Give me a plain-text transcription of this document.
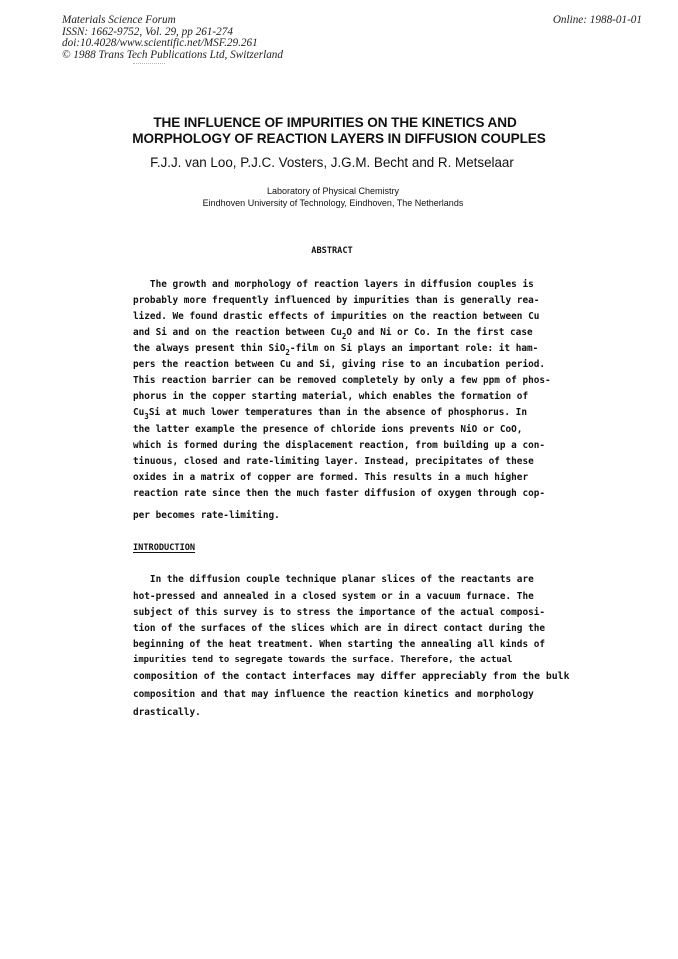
Materials Science Forum
ISSN: 1662-9752, Vol. 29, pp 261-274
doi:10.4028/www.scientific.net/MSF.29.261
© 1988 Trans Tech Publications Ltd, Switzerland
Online: 1988-01-01
THE INFLUENCE OF IMPURITIES ON THE KINETICS AND
MORPHOLOGY OF REACTION LAYERS IN DIFFUSION COUPLES
F.J.J. van Loo, P.J.C. Vosters, J.G.M. Becht and R. Metselaar
Laboratory of Physical Chemistry
Eindhoven University of Technology, Eindhoven, The Netherlands
ABSTRACT
The growth and morphology of reaction layers in diffusion couples is
probably more frequently influenced by impurities than is generally rea-
lized. We found drastic effects of impurities on the reaction between Cu
and Si and on the reaction between $Cu_2O$ and Ni or Co. In the first case
the always present thin SiO$_2$-film on Si plays an important role: it ham-
pers the reaction between Cu and Si, giving rise to an incubation period.
This reaction barrier can be removed completely by only a few ppm of phos-
phorus in the copper starting material, which enables the formation of
$Cu_3Si$ at much lower temperatures than in the absence of phosphorus. In
the latter example the presence of chloride ions prevents NiO or CoO,
which is formed during the displacement reaction, from building up a con-
tinuous, closed and rate-limiting layer. Instead, precipitates of these
oxides in a matrix of copper are formed. This results in a much higher
reaction rate since then the much faster diffusion of oxygen through cop-
per becomes rate-limiting.
INTRODUCTION
In the diffusion couple technique planar slices of the reactants are
hot-pressed and annealed in a closed system or in a vacuum furnace. The
subject of this survey is to stress the importance of the actual composi-
tion of the surfaces of the slices which are in direct contact during the
beginning of the heat treatment. When starting the annealing all kinds of
impurities tend to segregate towards the surface. Therefore, the actual
composition of the contact interfaces may differ appreciably from the bulk
composition and that may influence the reaction kinetics and morphology
drastically.
